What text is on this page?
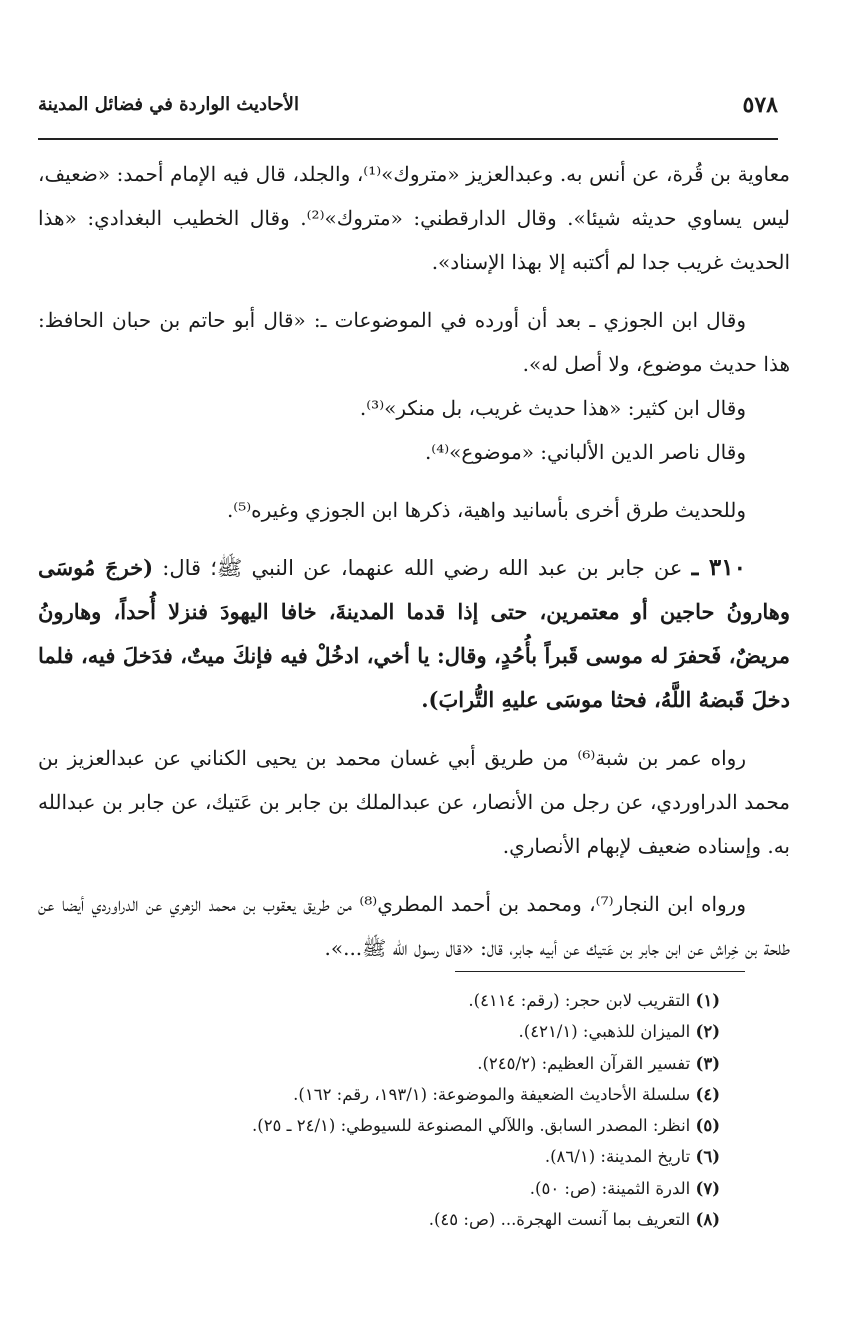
٥٧٨
الأحاديث الواردة في فضائل المدينة

معاوية بن قُرة، عن أنس به. وعبدالعزيز «متروك»⁽¹⁾، والجلد، قال فيه الإمام أحمد: «ضعيف، ليس يساوي حديثه شيئا». وقال الدارقطني: «متروك»⁽²⁾. وقال الخطيب البغدادي: «هذا الحديث غريب جدا لم أكتبه إلا بهذا الإسناد».

وقال ابن الجوزي ـ بعد أن أورده في الموضوعات ـ: «قال أبو حاتم بن حبان الحافظ: هذا حديث موضوع، ولا أصل له».

وقال ابن كثير: «هذا حديث غريب، بل منكر»⁽³⁾.

وقال ناصر الدين الألباني: «موضوع»⁽⁴⁾.

وللحديث طرق أخرى بأسانيد واهية، ذكرها ابن الجوزي وغيره⁽⁵⁾.

٣١٠ ـ عن جابر بن عبد الله رضي الله عنهما، عن النبي ﷺ؛ قال: (خرجَ مُوسَى وهارونُ حاجين أو معتمرين، حتى إذا قدما المدينةَ، خافا اليهودَ فنزلا أُحداً، وهارونُ مريضٌ، فَحفرَ له موسى قَبراً بأُحُدٍ، وقال: يا أخي، ادخُلْ فيه فإنكَ ميتٌ، فدَخلَ فيه، فلما دخلَ قَبضهُ اللَّهُ، فحثا موسَى عليهِ التُّرابَ).

رواه عمر بن شبة⁽⁶⁾ من طريق أبي غسان محمد بن يحيى الكناني عن عبدالعزيز بن محمد الدراوردي، عن رجل من الأنصار، عن عبدالملك بن جابر بن عَتيك، عن جابر بن عبدالله به. وإسناده ضعيف لإبهام الأنصاري.

ورواه ابن النجار⁽⁷⁾، ومحمد بن أحمد المطري⁽⁸⁾ من طريق يعقوب بن محمد الزهري عن الدراوردي أيضا عن طلحة بن خِراش عن ابن جابر بن عَتيك عن أبيه جابر، قال: «قال رسول الله ﷺ...».

(١) التقريب لابن حجر: (رقم: ٤١١٤).
(٢) الميزان للذهبي: (٤٢١/١).
(٣) تفسير القرآن العظيم: (٢٤٥/٢).
(٤) سلسلة الأحاديث الضعيفة والموضوعة: (١٩٣/١، رقم: ١٦٢).
(٥) انظر: المصدر السابق. واللآلي المصنوعة للسيوطي: (٢٤/١ ـ ٢٥).
(٦) تاريخ المدينة: (٨٦/١).
(٧) الدرة الثمينة: (ص: ٥٠).
(٨) التعريف بما آنست الهجرة... (ص: ٤٥).
